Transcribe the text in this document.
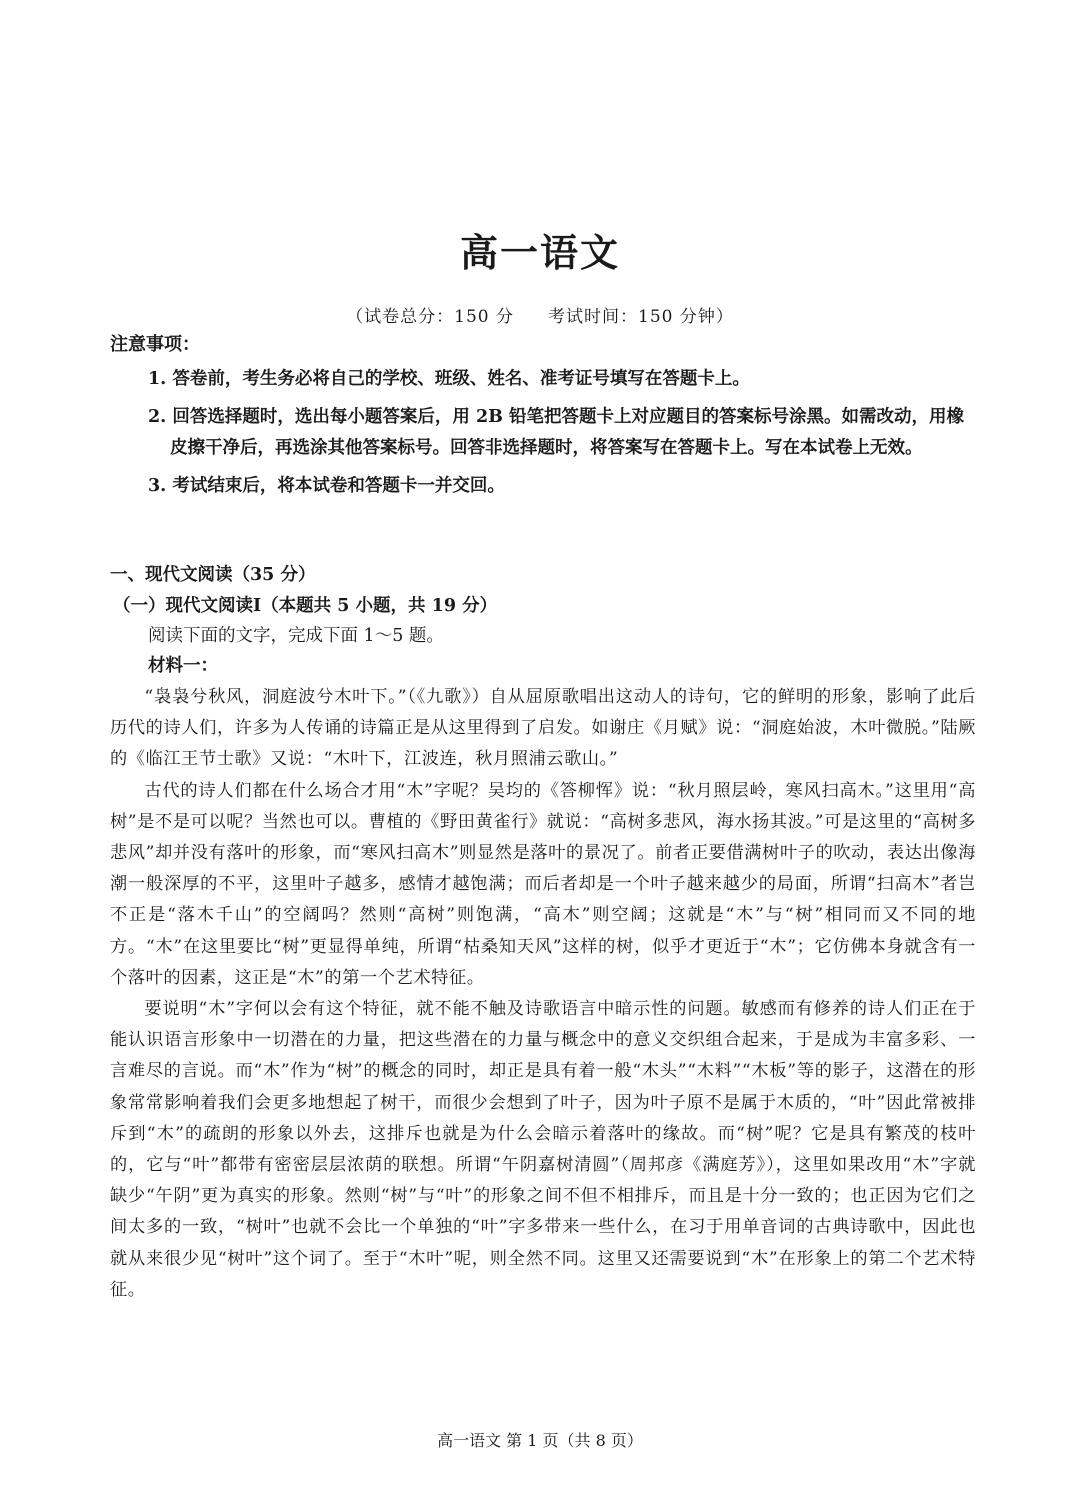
高一语文
（试卷总分：150 分 考试时间：150 分钟）
注意事项：
1. 答卷前，考生务必将自己的学校、班级、姓名、准考证号填写在答题卡上。
2. 回答选择题时，选出每小题答案后，用 2B 铅笔把答题卡上对应题目的答案标号涂黑。如需改动，用橡皮擦干净后，再选涂其他答案标号。回答非选择题时，将答案写在答题卡上。写在本试卷上无效。
3. 考试结束后，将本试卷和答题卡一并交回。
一、现代文阅读（35 分）
（一）现代文阅读Ⅰ（本题共 5 小题，共 19 分）
阅读下面的文字，完成下面 1～5 题。
材料一：

“袅袅兮秋风，洞庭波兮木叶下。”（《九歌》）自从屈原歌唱出这动人的诗句，它的鲜明的形象，影响了此后历代的诗人们，许多为人传诵的诗篇正是从这里得到了启发。如谢庄《月赋》说：“洞庭始波，木叶微脱。”陆厥的《临江王节士歌》又说：“木叶下，江波连，秋月照浦云歌山。”

古代的诗人们都在什么场合才用“木”字呢？吴均的《答柳恽》说：“秋月照层岭，寒风扫高木。”这里用“高树”是不是可以呢？当然也可以。曹植的《野田黄雀行》就说：“高树多悲风，海水扬其波。”可是这里的“高树多悲风”却并没有落叶的形象，而“寒风扫高木”则显然是落叶的景况了。前者正要借满树叶子的吹动，表达出像海潮一般深厚的不平，这里叶子越多，感情才越饱满；而后者却是一个叶子越来越少的局面，所谓“扫高木”者岂不正是“落木千山”的空阔吗？然则“高树”则饱满，“高木”则空阔；这就是“木”与“树”相同而又不同的地方。“木”在这里要比“树”更显得单纯，所谓“枯桑知天风”这样的树，似乎才更近于“木”；它仿佛本身就含有一个落叶的因素，这正是“木”的第一个艺术特征。

要说明“木”字何以会有这个特征，就不能不触及诗歌语言中暗示性的问题。敏感而有修养的诗人们正在于能认识语言形象中一切潜在的力量，把这些潜在的力量与概念中的意义交织组合起来，于是成为丰富多彩、一言难尽的言说。而“木”作为“树”的概念的同时，却正是具有着一般“木头”“木料”“木板”等的影子，这潜在的形象常常影响着我们会更多地想起了树干，而很少会想到了叶子，因为叶子原不是属于木质的，“叶”因此常被排斥到“木”的疏朗的形象以外去，这排斥也就是为什么会暗示着落叶的缘故。而“树”呢？它是具有繁茂的枝叶的，它与“叶”都带有密密层层浓荫的联想。所谓“午阴嘉树清圆”（周邦彦《满庭芳》），这里如果改用“木”字就缺少“午阴”更为真实的形象。然则“树”与“叶”的形象之间不但不相排斥，而且是十分一致的；也正因为它们之间太多的一致，“树叶”也就不会比一个单独的“叶”字多带来一些什么，在习于用单音词的古典诗歌中，因此也就从来很少见“树叶”这个词了。至于“木叶”呢，则全然不同。这里又还需要说到“木”在形象上的第二个艺术特征。

高一语文 第 1 页（共 8 页）
